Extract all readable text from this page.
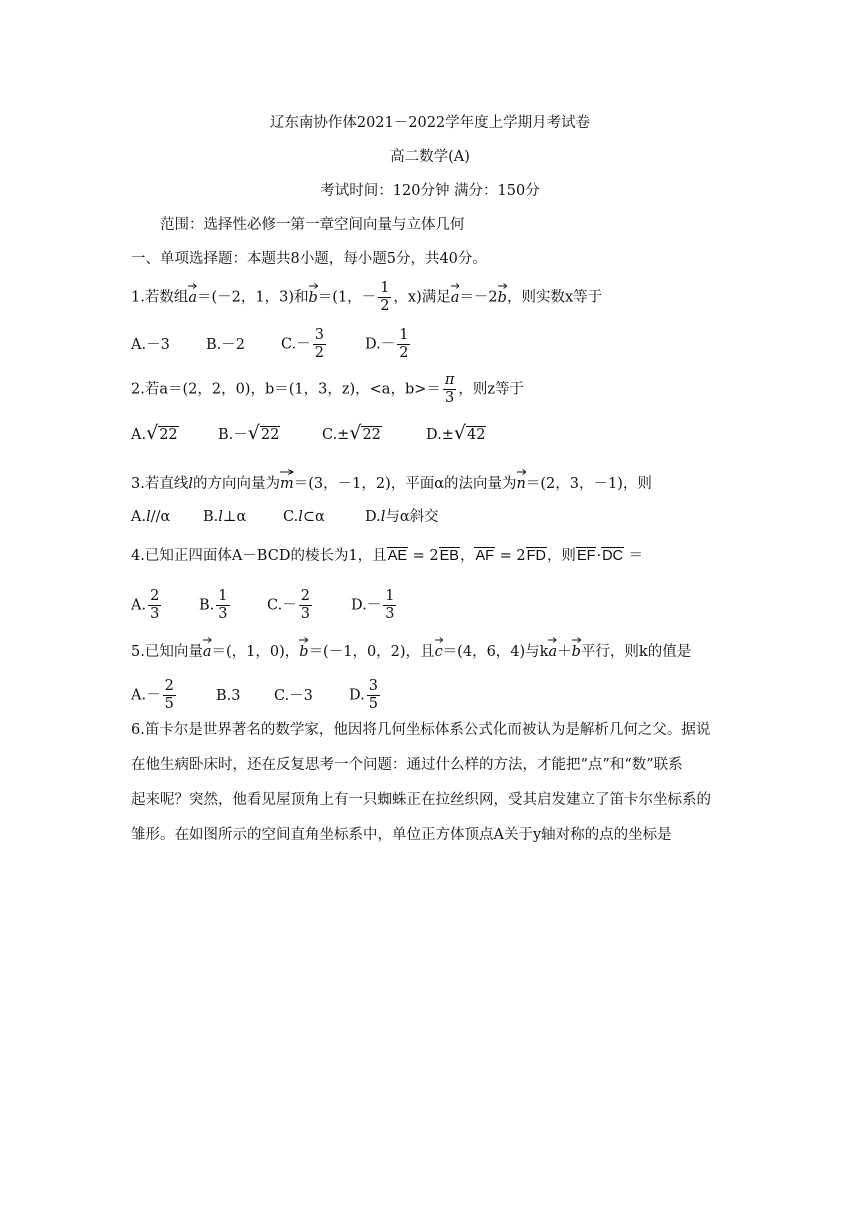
辽东南协作体2021－2022学年度上学期月考试卷
高二数学(A)
考试时间：120分钟 满分：150分
范围：选择性必修一第一章空间向量与立体几何
一、单项选择题：本题共8小题，每小题5分，共40分。
1.若数组
a＝(－2，1，3)和
b＝(1，－ $\frac{1}{2}$ ，x)满足
a＝－2
b，则实数x等于
A.－3 B.－2 $C.- \frac{3}{2}$	$D.- \frac{1}{2}$
2.若a＝(2，2，0)，b＝(1，3，z)，<a，$b>= \frac{\pi}{3}$ ，则z等于
A.√22	B.－√22	C.±√22	D.±√42
3.若直线l的方向向量为
m＝(3，－1，2)，平面α的法向量为
n＝(2，3，－1)，则
A.l//α B.l⊥α	C.l⊂α	D.l与α斜交
4.已知正四面体A－BCD的棱长为1，且AE = 2EB，AF = 2FD，则EF·DC ＝
A. $\frac{2}{3}$	B. $\frac{1}{3}$	$C.- \frac{2}{3}$	$D.- \frac{1}{3}$
5.已知向量
a＝(，1，0)，
b＝(－1，0，2)，且
c＝(4，6，4)与k
a＋
b平行，则k的值是
$A.- \frac{2}{5}$	B.3 C.－3 D. $\frac{3}{5}$
6.笛卡尔是世界著名的数学家，他因将几何坐标体系公式化而被认为是解析几何之父。据说
在他生病卧床时，还在反复思考一个问题：通过什么样的方法，才能把“点”和“数”联系
起来呢？突然，他看见屋顶角上有一只蜘蛛正在拉丝织网，受其启发建立了笛卡尔坐标系的
雏形。在如图所示的空间直角坐标系中，单位正方体顶点A关于y轴对称的点的坐标是
